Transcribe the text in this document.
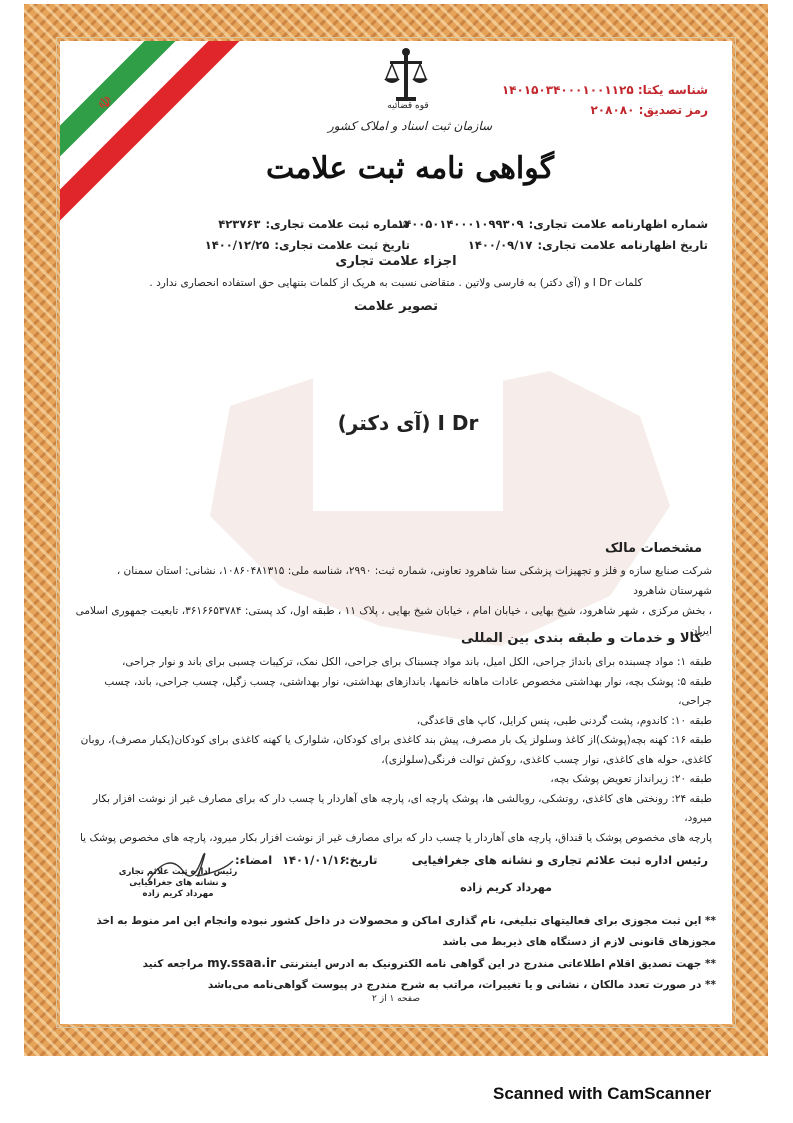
☫	قوه قضائیه
سازمان ثبت اسناد و املاک کشور
گواهی نامه ثبت علامت
شناسه یکتا: ۱۴۰۱۵۰۳۴۰۰۰۱۰۰۱۱۲۵
رمز تصدیق: ۲۰۸۰۸۰
شماره اظهارنامه علامت تجاری: ۱۴۰۰۵۰۱۴۰۰۰۱۰۹۹۳۰۹
شماره ثبت علامت تجاری: ۴۲۳۷۶۳
تاریخ اظهارنامه علامت تجاری: ۱۴۰۰/۰۹/۱۷
تاریخ ثبت علامت تجاری: ۱۴۰۰/۱۲/۲۵
اجزاء علامت تجاری
کلمات I Dr و (آی دکتر) به فارسی ولاتین . متقاضی نسبت به هریک از کلمات بتنهایی حق استفاده انحصاری ندارد .
تصویر علامت
I Dr (آی دکتر)
مشخصات مالک
شرکت صنایع سازه و فلز و تجهیزات پزشکی سنا شاهرود تعاونی، شماره ثبت: ۲۹۹۰، شناسه ملی: ۱۰۸۶۰۴۸۱۳۱۵، نشانی: استان سمنان ، شهرستان شاهرود
، بخش مرکزی ، شهر شاهرود، شیخ بهایی ، خیابان امام ، خیابان شیخ بهایی ، پلاک ۱۱ ، طبقه اول، کد پستی: ۳۶۱۶۶۵۳۷۸۴، تابعیت جمهوری اسلامی
ایران
کالا و خدمات و طبقه بندی بین المللی
طبقه ۱: مواد چسبنده برای بانداژ جراحی، الکل امیل، باند مواد چسبناک برای جراحی، الکل نمک، ترکیبات چسبی برای باند و نوار جراحی،
طبقه ۵: پوشک بچه، نوار بهداشتی مخصوص عادات ماهانه خانمها، باندازهای بهداشتی، نوار بهداشتی، چسب زگیل، چسب جراحی، باند، چسب جراحی،
طبقه ۱۰: کاندوم، پشت گردنی طبی، پنس کرایل، کاپ های قاعدگی،
طبقه ۱۶: کهنه بچه(پوشک)از کاغذ وسلولز یک بار مصرف، پیش بند کاغذی برای کودکان، شلوارک یا کهنه کاغذی برای کودکان(یکبار مصرف)، روبان
کاغذی، حوله های کاغذی، نوار چسب کاغذی، روکش توالت فرنگی(سلولزی)،
طبقه ۲۰: زیرانداز تعویض پوشک بچه،
طبقه ۲۴: رونختی های کاغذی، روتشکی، روبالشی ها، پوشک پارچه ای، پارچه های آهاردار یا چسب دار که برای مصارف غیر از نوشت افزار بکار میرود،
پارچه های مخصوص پوشک یا قنداق، پارچه های آهاردار یا چسب دار که برای مصارف غیر از نوشت افزار بکار میرود، پارچه های مخصوص پوشک یا
رئیس اداره ثبت علائم تجاری و نشانه های جغرافیایی
تاریخ:
۱۴۰۱/۰۱/۱۶
امضاء:
مهرداد کریم زاده
رئیس اداره ثبت علائم تجاری
و نشانه های جغرافیایی
مهرداد کریم زاده
** این ثبت مجوزی برای فعالیتهای تبلیغی، نام گذاری اماکن و محصولات در داخل کشور نبوده وانجام این امر منوط به اخذ مجوزهای قانونی لازم از دستگاه های ذیربط می باشد
** جهت تصدیق اقلام اطلاعاتی مندرج در این گواهی نامه الکترونیک به ادرس اینترنتی my.ssaa.ir مراجعه کنید
** در صورت تعدد مالکان ، نشانی و یا تغییرات، مراتب به شرح مندرج در پیوست گواهی‌نامه می‌باشد
صفحه ۱ از ۲
Scanned with CamScanner
